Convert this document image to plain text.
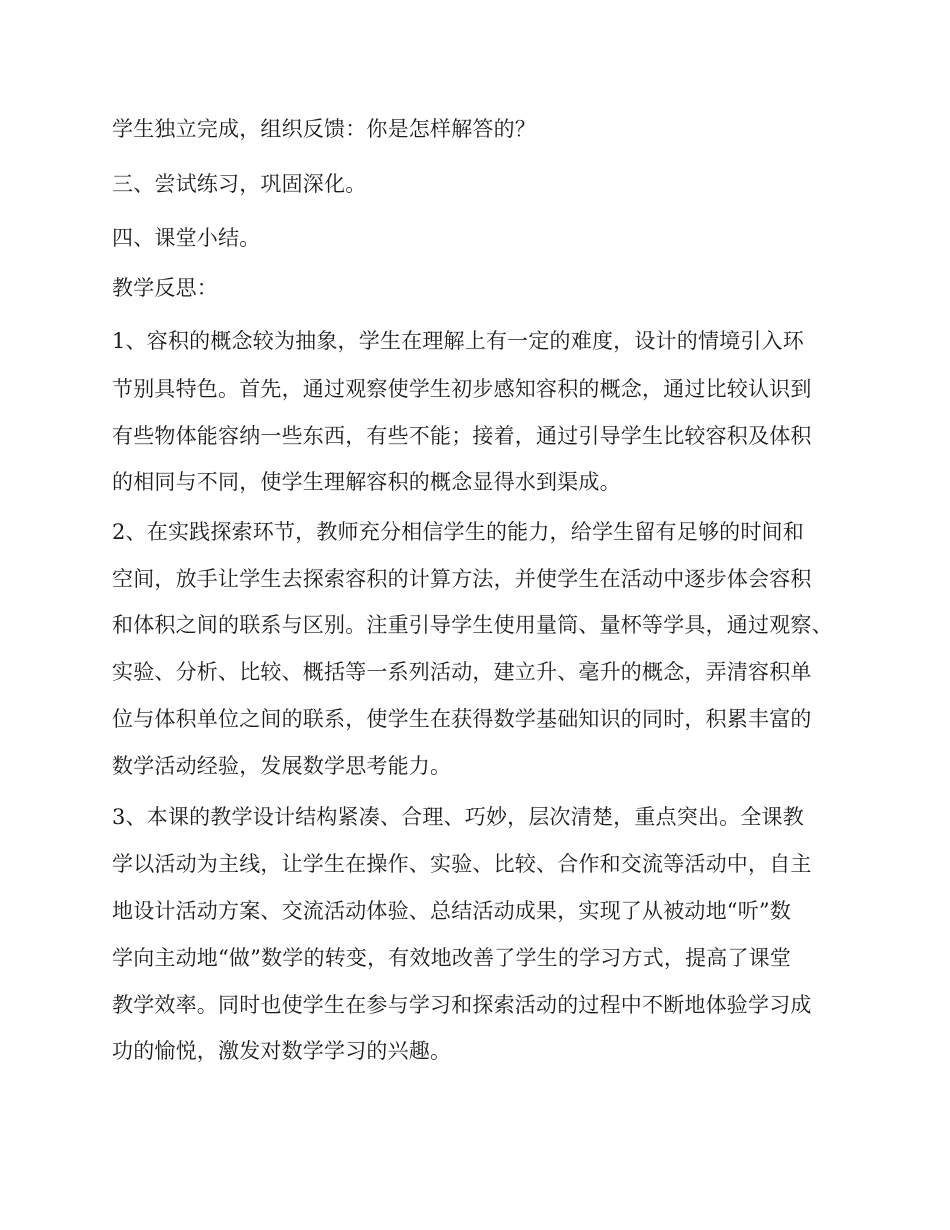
学生独立完成，组织反馈：你是怎样解答的？
三、尝试练习，巩固深化。
四、课堂小结。
教学反思：
1、容积的概念较为抽象，学生在理解上有一定的难度，设计的情境引入环
节别具特色。首先，通过观察使学生初步感知容积的概念，通过比较认识到
有些物体能容纳一些东西，有些不能；接着，通过引导学生比较容积及体积
的相同与不同，使学生理解容积的概念显得水到渠成。
2、在实践探索环节，教师充分相信学生的能力，给学生留有足够的时间和
空间，放手让学生去探索容积的计算方法，并使学生在活动中逐步体会容积
和体积之间的联系与区别。注重引导学生使用量筒、量杯等学具，通过观察、
实验、分析、比较、概括等一系列活动，建立升、毫升的概念，弄清容积单
位与体积单位之间的联系，使学生在获得数学基础知识的同时，积累丰富的
数学活动经验，发展数学思考能力。
3、本课的教学设计结构紧凑、合理、巧妙，层次清楚，重点突出。全课教
学以活动为主线，让学生在操作、实验、比较、合作和交流等活动中，自主
地设计活动方案、交流活动体验、总结活动成果，实现了从被动地“听”数
学向主动地“做”数学的转变，有效地改善了学生的学习方式，提高了课堂
教学效率。同时也使学生在参与学习和探索活动的过程中不断地体验学习成
功的愉悦，激发对数学学习的兴趣。
